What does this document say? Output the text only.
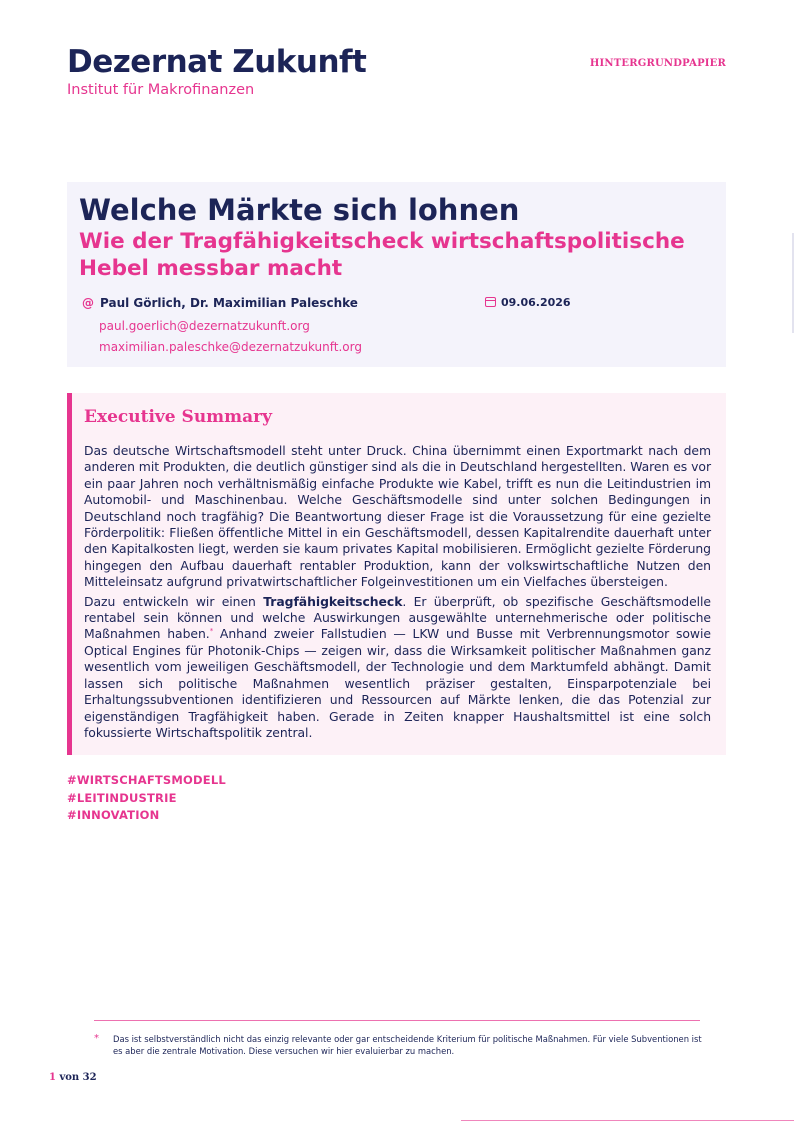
Dezernat Zukunft
Institut für Makrofinanzen
HINTERGRUNDPAPIER
Welche Märkte sich lohnen
Wie der Tragfähigkeitscheck wirtschaftspolitische Hebel messbar macht
@ Paul Görlich, Dr. Maximilian Paleschke
paul.goerlich@dezernatzukunft.org
maximilian.paleschke@dezernatzukunft.org
09.06.2026
Executive Summary

Das deutsche Wirtschaftsmodell steht unter Druck. China übernimmt einen Exportmarkt nach dem anderen mit Produkten, die deutlich günstiger sind als die in Deutschland hergestellten. Waren es vor ein paar Jahren noch verhältnismäßig einfache Produkte wie Kabel, trifft es nun die Leitindustrien im Automobil- und Maschinenbau. Welche Geschäftsmodelle sind unter solchen Bedingungen in Deutschland noch tragfähig? Die Beantwortung dieser Frage ist die Voraussetzung für eine gezielte Förderpolitik: Fließen öffentliche Mittel in ein Geschäftsmodell, dessen Kapitalrendite dauerhaft unter den Kapitalkosten liegt, werden sie kaum privates Kapital mobilisieren. Ermöglicht gezielte Förderung hingegen den Aufbau dauerhaft rentabler Produktion, kann der volkswirtschaftliche Nutzen den Mitteleinsatz aufgrund privatwirtschaftlicher Folgeinvestitionen um ein Vielfaches übersteigen.

Dazu entwickeln wir einen Tragfähigkeitscheck. Er überprüft, ob spezifische Geschäftsmodelle rentabel sein können und welche Auswirkungen ausgewählte unternehmerische oder politische Maßnahmen haben.* Anhand zweier Fallstudien — LKW und Busse mit Verbrennungsmotor sowie Optical Engines für Photonik-Chips — zeigen wir, dass die Wirksamkeit politischer Maßnahmen ganz wesentlich vom jeweiligen Geschäftsmodell, der Technologie und dem Marktumfeld abhängt. Damit lassen sich politische Maßnahmen wesentlich präziser gestalten, Einsparpotenziale bei Erhaltungssubventionen identifizieren und Ressourcen auf Märkte lenken, die das Potenzial zur eigenständigen Tragfähigkeit haben. Gerade in Zeiten knapper Haushaltsmittel ist eine solch fokussierte Wirtschaftspolitik zentral.

#WIRTSCHAFTSMODELL
#LEITINDUSTRIE
#INNOVATION
* Das ist selbstverständlich nicht das einzig relevante oder gar entscheidende Kriterium für politische Maßnahmen. Für viele Subventionen ist es aber die zentrale Motivation. Diese versuchen wir hier evaluierbar zu machen.
1 von 32
